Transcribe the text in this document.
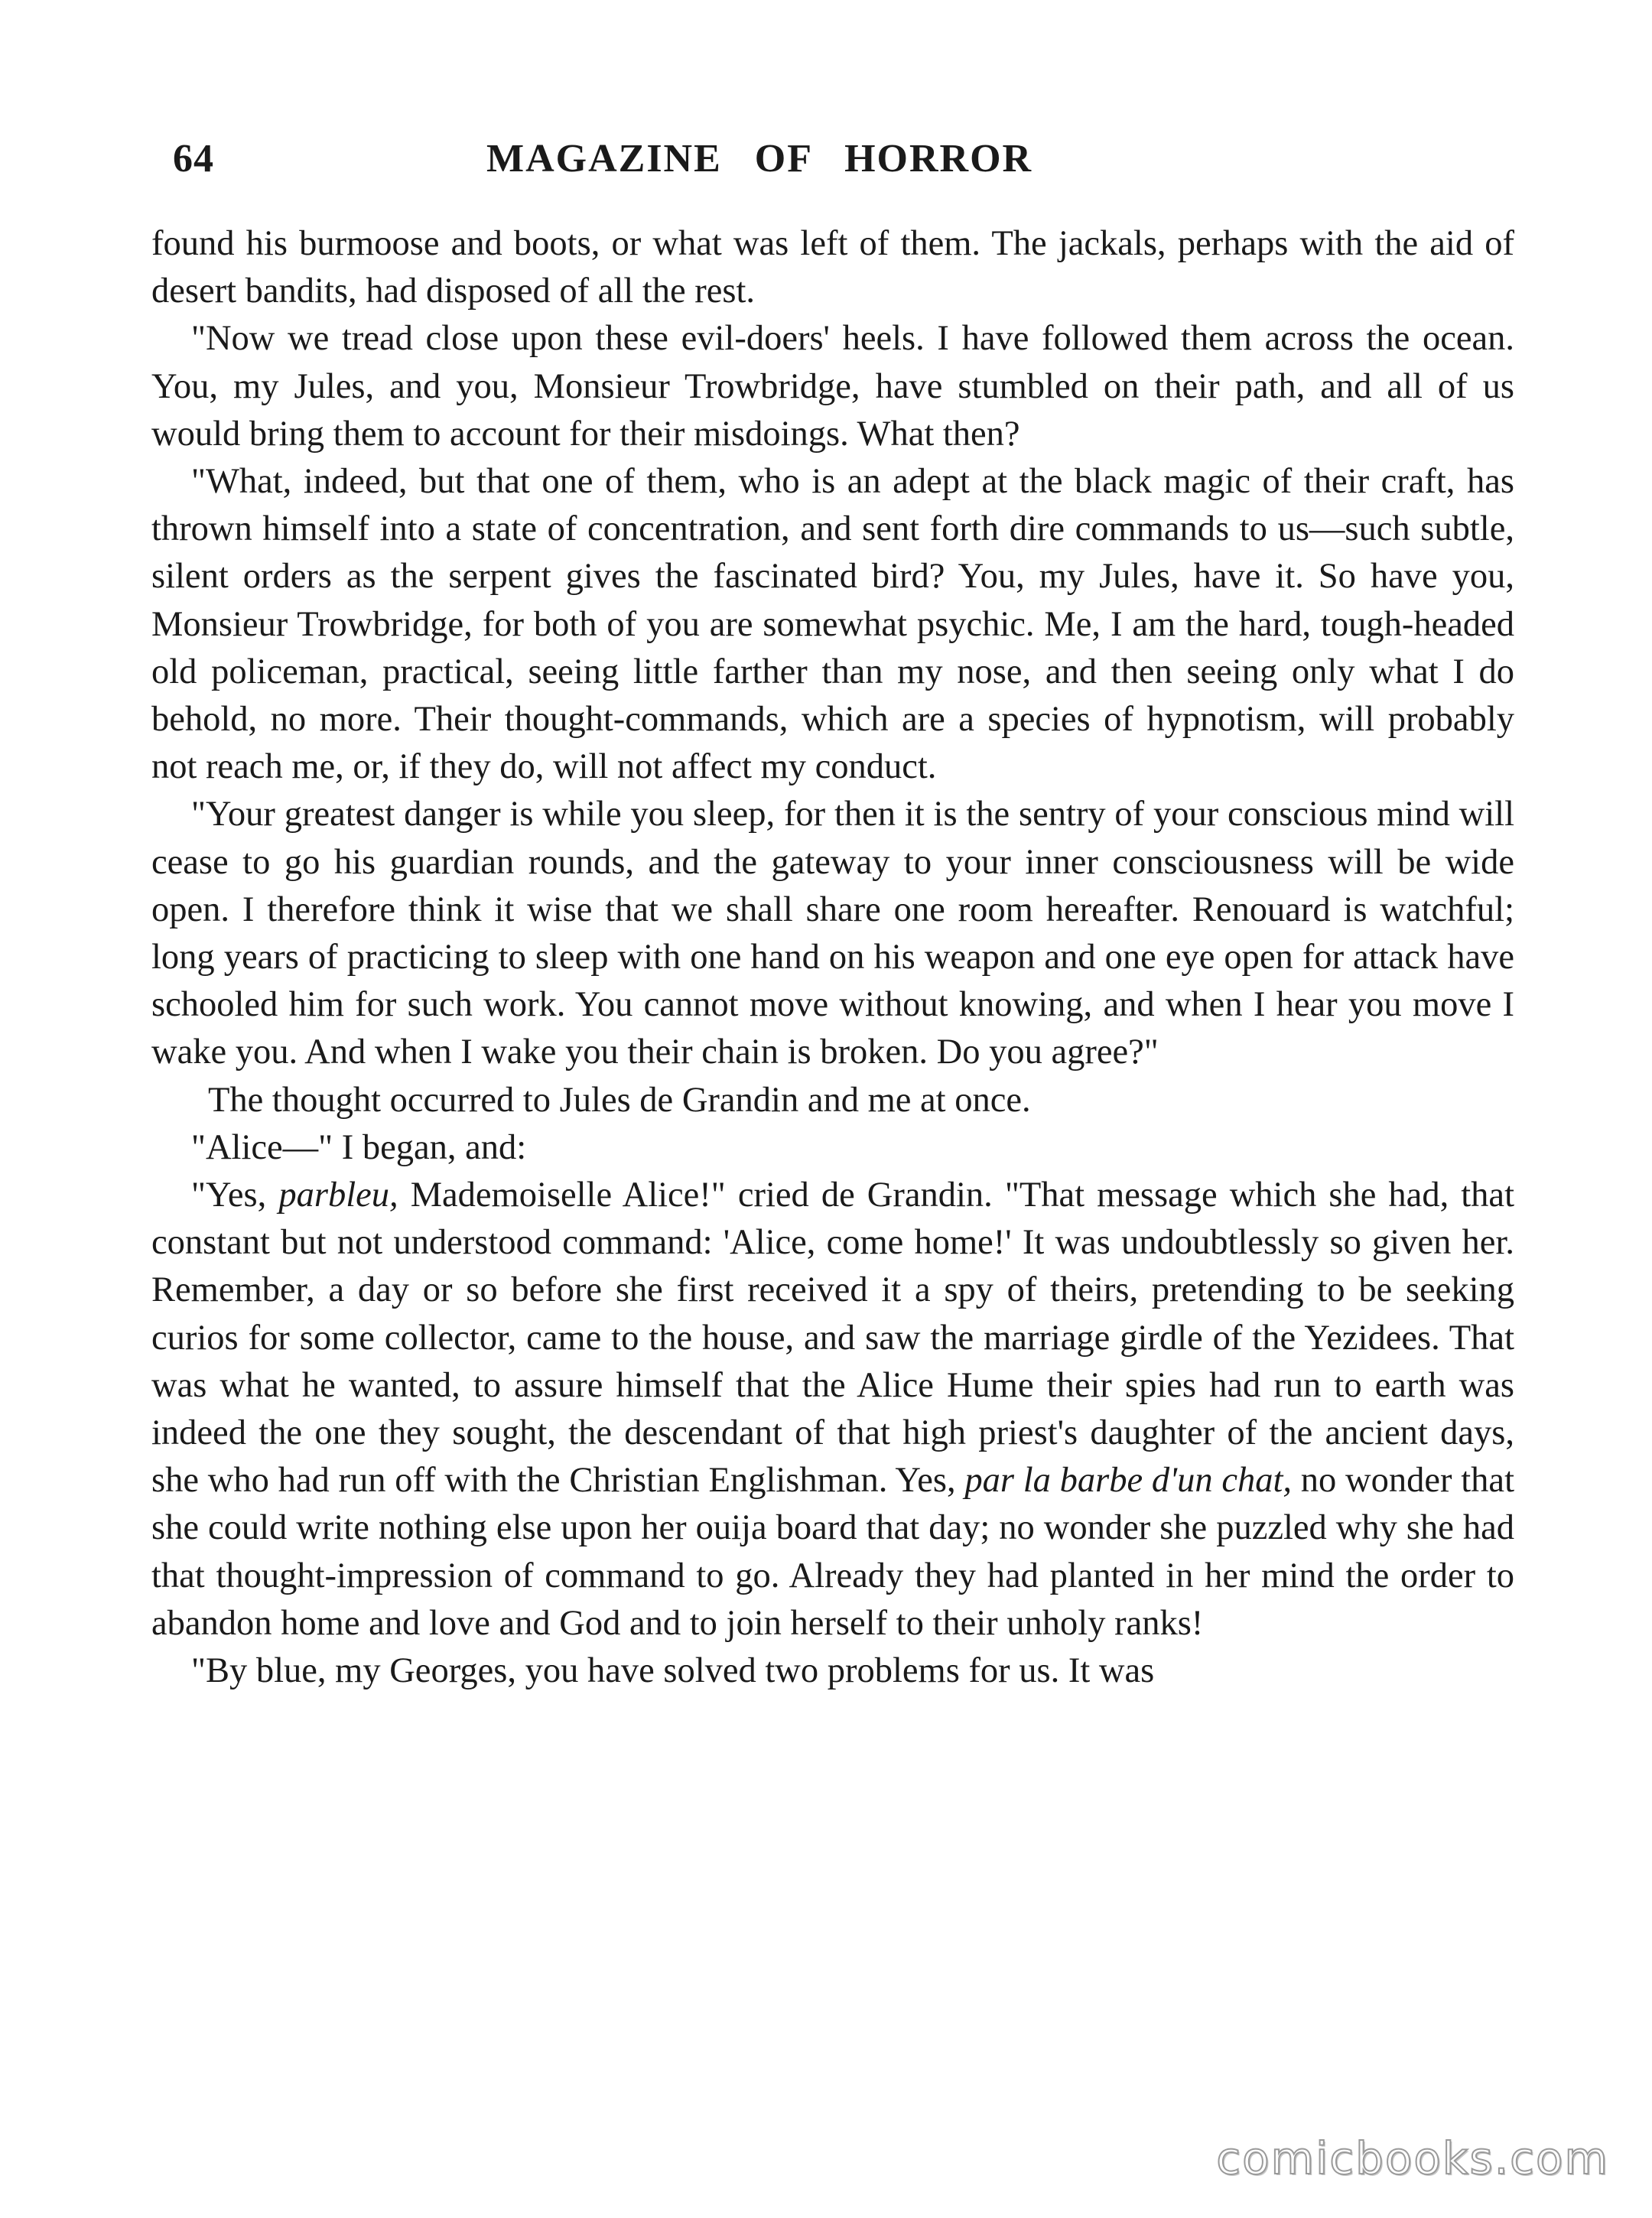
64	MAGAZINE OF HORROR

found his burmoose and boots, or what was left of them. The jackals, perhaps with the aid of desert bandits, had disposed of all the rest.

"Now we tread close upon these evil-doers' heels. I have followed them across the ocean. You, my Jules, and you, Monsieur Trowbridge, have stumbled on their path, and all of us would bring them to account for their misdoings. What then?

"What, indeed, but that one of them, who is an adept at the black magic of their craft, has thrown himself into a state of concentration, and sent forth dire commands to us—such subtle, silent orders as the serpent gives the fascinated bird? You, my Jules, have it. So have you, Monsieur Trowbridge, for both of you are somewhat psychic. Me, I am the hard, tough-headed old policeman, practical, seeing little farther than my nose, and then seeing only what I do behold, no more. Their thought-commands, which are a species of hypnotism, will probably not reach me, or, if they do, will not affect my conduct.

"Your greatest danger is while you sleep, for then it is the sentry of your conscious mind will cease to go his guardian rounds, and the gateway to your inner consciousness will be wide open. I therefore think it wise that we shall share one room hereafter. Renouard is watchful; long years of practicing to sleep with one hand on his weapon and one eye open for attack have schooled him for such work. You cannot move without knowing, and when I hear you move I wake you. And when I wake you their chain is broken. Do you agree?"

The thought occurred to Jules de Grandin and me at once.

"Alice—" I began, and:

"Yes, parbleu, Mademoiselle Alice!" cried de Grandin. "That message which she had, that constant but not understood command: 'Alice, come home!' It was undoubtlessly so given her. Remember, a day or so before she first received it a spy of theirs, pretending to be seeking curios for some collector, came to the house, and saw the marriage girdle of the Yezidees. That was what he wanted, to assure himself that the Alice Hume their spies had run to earth was indeed the one they sought, the descendant of that high priest's daughter of the ancient days, she who had run off with the Christian Englishman. Yes, par la barbe d'un chat, no wonder that she could write nothing else upon her ouija board that day; no wonder she puzzled why she had that thought-impression of command to go. Already they had planted in her mind the order to abandon home and love and God and to join herself to their unholy ranks!

"By blue, my Georges, you have solved two problems for us. It was

comicbooks.com
